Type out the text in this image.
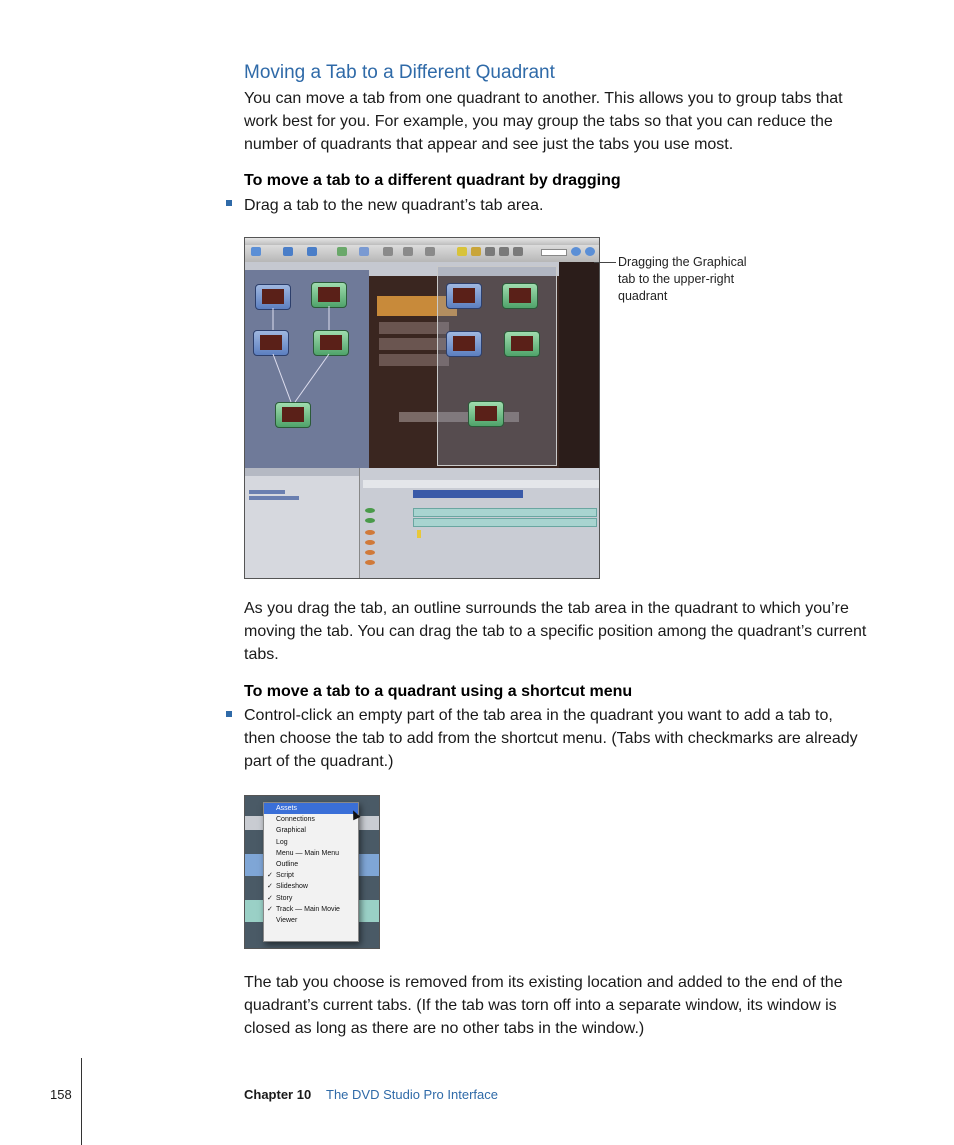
Moving a Tab to a Different Quadrant
You can move a tab from one quadrant to another. This allows you to group tabs that
work best for you. For example, you may group the tabs so that you can reduce the
number of quadrants that appear and see just the tabs you use most.
To move a tab to a different quadrant by dragging
Drag a tab to the new quadrant’s tab area.
Dragging the Graphical
tab to the upper-right
quadrant
As you drag the tab, an outline surrounds the tab area in the quadrant to which you’re
moving the tab. You can drag the tab to a specific position among the quadrant’s current
tabs.
To move a tab to a quadrant using a shortcut menu
Control-click an empty part of the tab area in the quadrant you want to add a tab to,
then choose the tab to add from the shortcut menu. (Tabs with checkmarks are already
part of the quadrant.)
Assets
Connections
Graphical
Log
Menu — Main Menu
Outline
✓ Script
✓ Slideshow
✓ Story
✓ Track — Main Movie
Viewer
The tab you choose is removed from its existing location and added to the end of the
quadrant’s current tabs. (If the tab was torn off into a separate window, its window is
closed as long as there are no other tabs in the window.)
158	Chapter 10 The DVD Studio Pro Interface
